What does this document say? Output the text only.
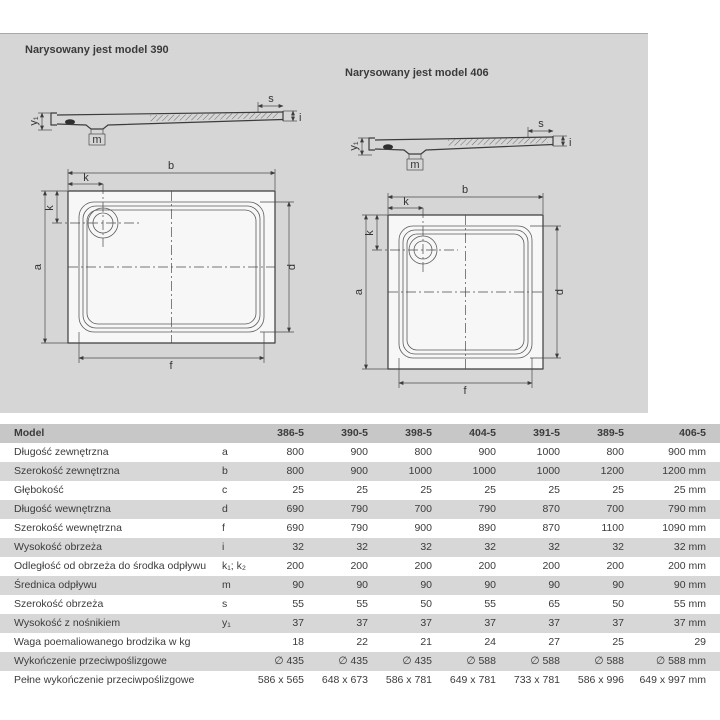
Narysowany jest model 390
y₁
m
s
i
b
k
a
k
d
f
Narysowany jest model 406
y₁
m
s
i
b
k
a
k
d
f
Model		386-5	390-5	398-5	404-5	391-5	389-5	406-5
Długość zewnętrzna	a	800	900	800	900	1000	800	900 mm
Szerokość zewnętrzna	b	800	900	1000	1000	1000	1200	1200 mm
Głębokość	c	25	25	25	25	25	25	25 mm
Długość wewnętrzna	d	690	790	700	790	870	700	790 mm
Szerokość wewnętrzna	f	690	790	900	890	870	1100	1090 mm
Wysokość obrzeża	i	32	32	32	32	32	32	32 mm
Odległość od obrzeża do środka odpływu	k₁; k₂	200	200	200	200	200	200	200 mm
Średnica odpływu	m	90	90	90	90	90	90	90 mm
Szerokość obrzeża	s	55	55	50	55	65	50	55 mm
Wysokość z nośnikiem	y₁	37	37	37	37	37	37	37 mm
Waga poemaliowanego brodzika w kg		18	22	21	24	27	25	29
Wykończenie przeciwpoślizgowe		∅ 435	∅ 435	∅ 435	∅ 588	∅ 588	∅ 588	∅ 588 mm
Pełne wykończenie przeciwpoślizgowe		586 x 565	648 x 673	586 x 781	649 x 781	733 x 781	586 x 996	649 x 997 mm
